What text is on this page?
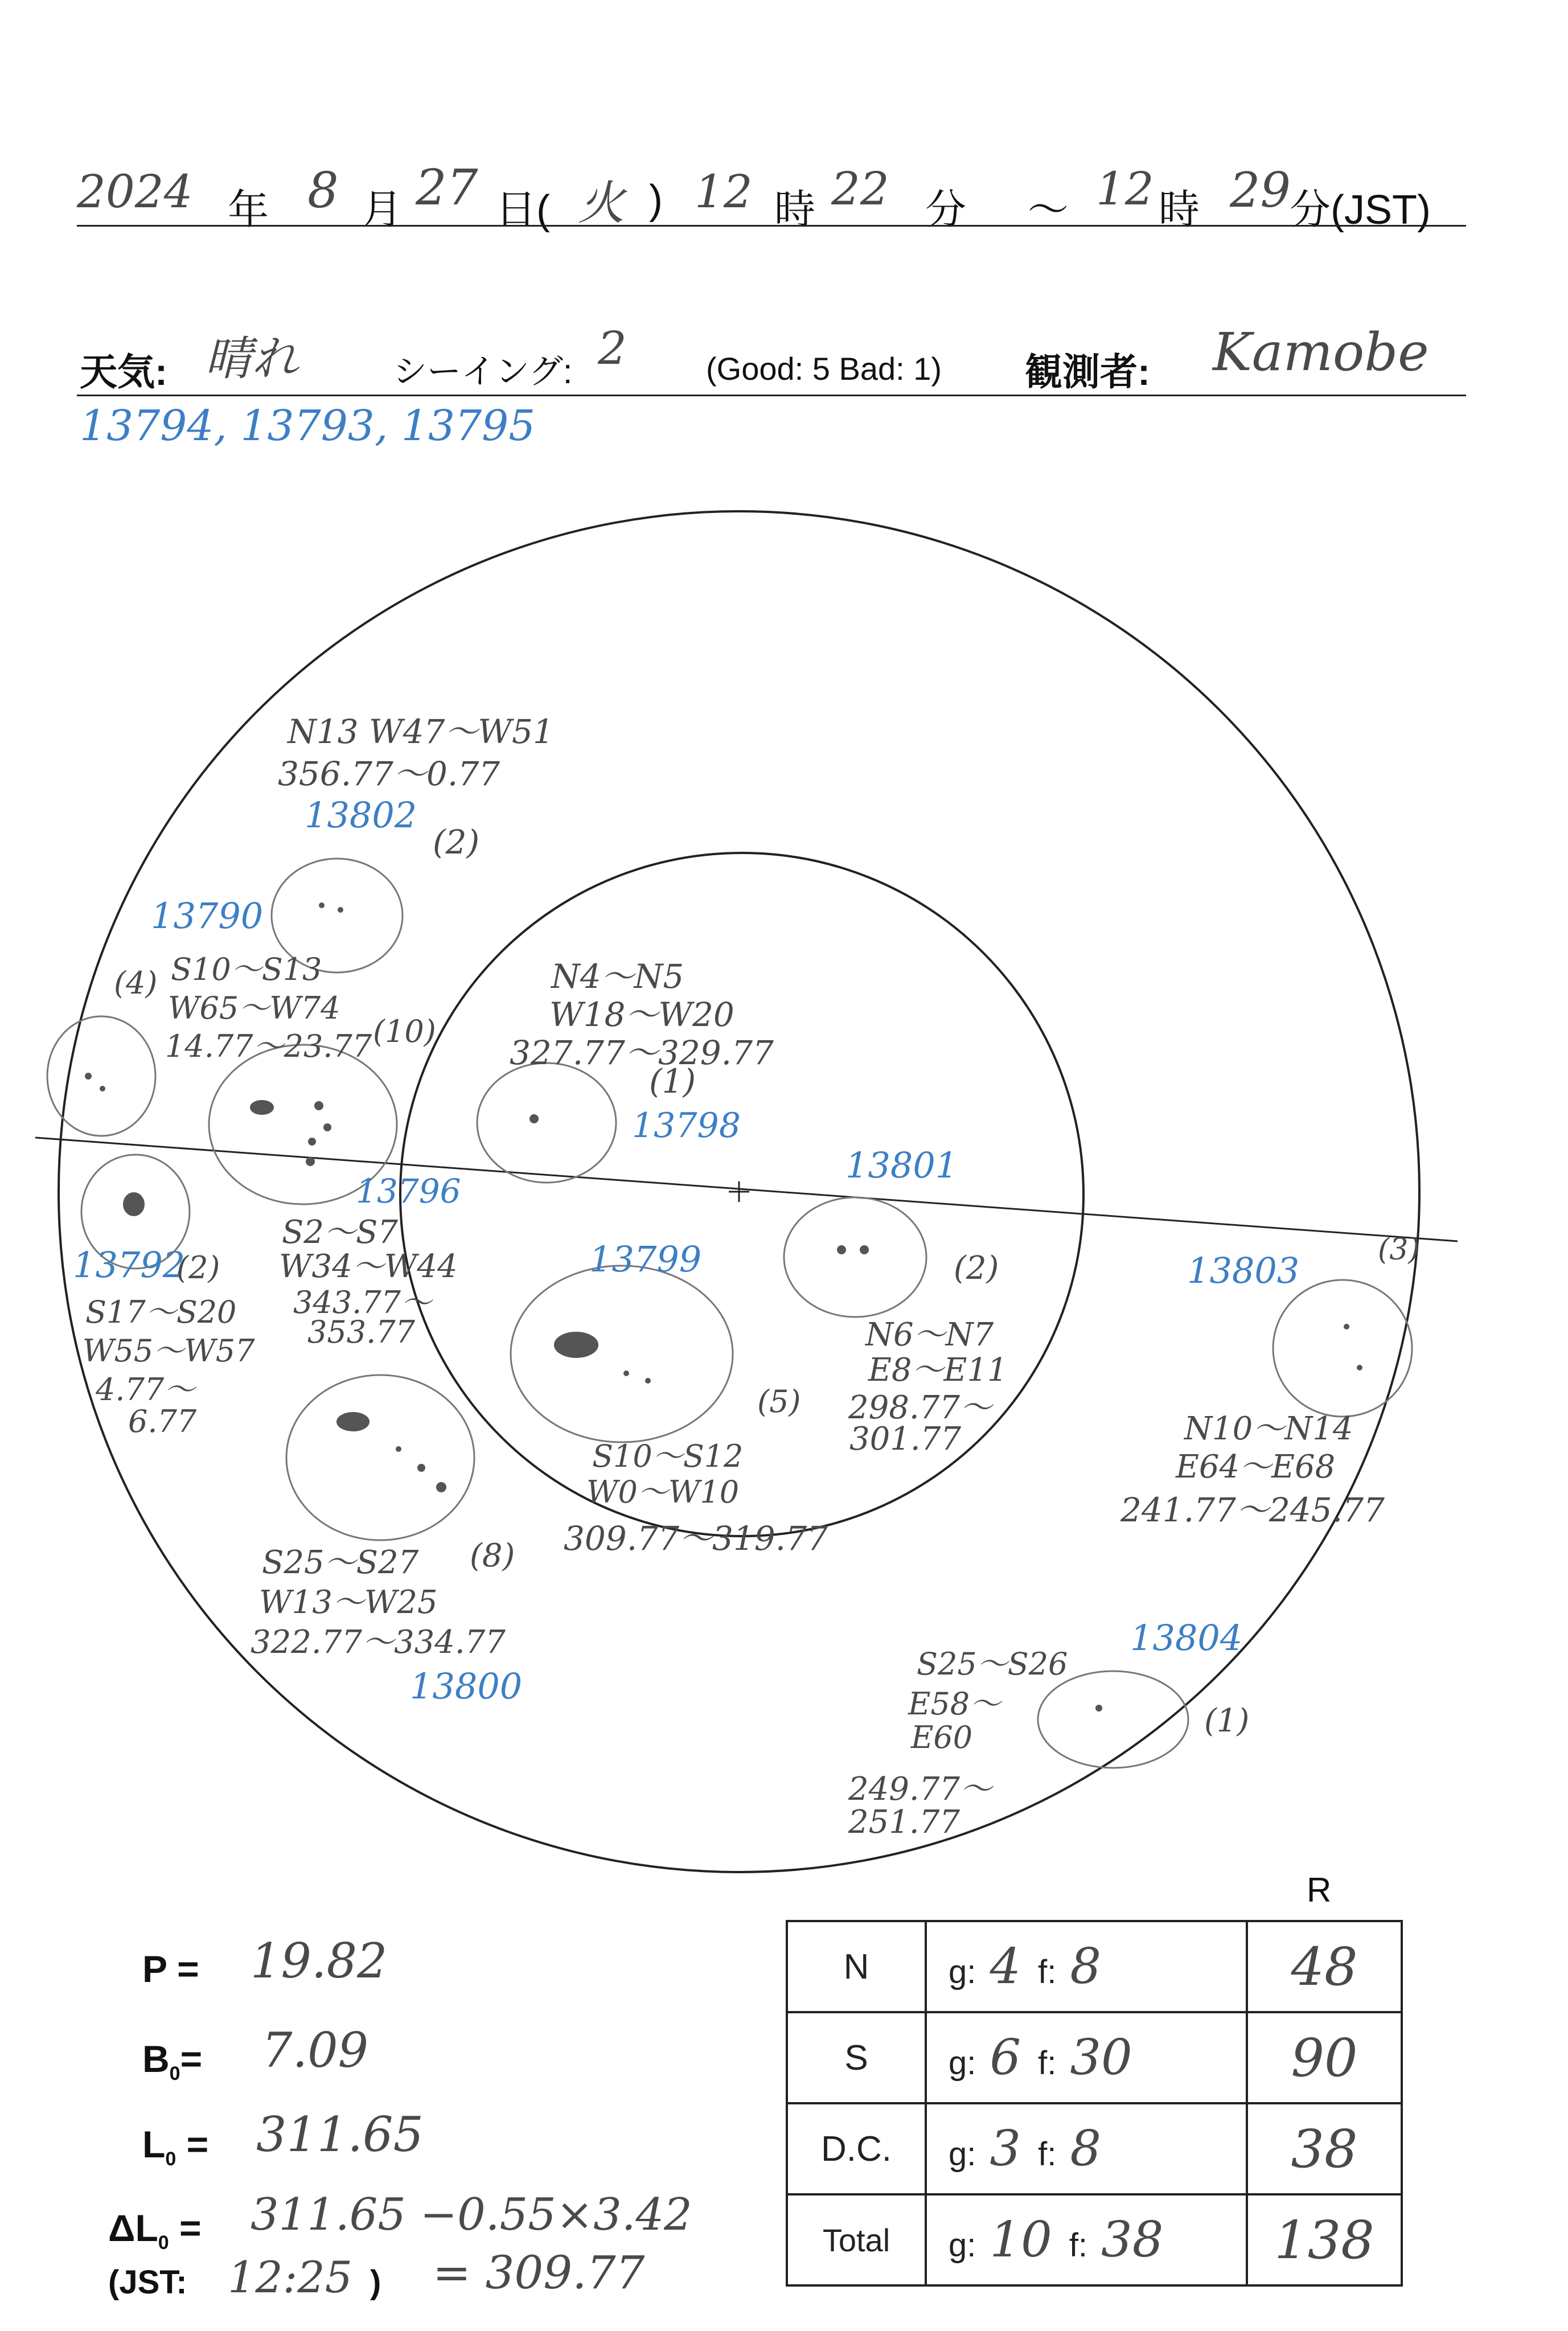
2024 年 8 月 27 日( 火 ) 12 時 22 分 ～ 12 時 29
分(JST)
天気: 晴れ	シーイング: 2 (Good: 5 Bad: 1) 観測者: Kamobe
13794, 13793, 13795
N13 W47～W51
356.77～0.77
13802
(2)
13790
(4) S10～S13
W65～W74
14.77～23.77 (10)
N4～N5
W18～W20
327.77～329.77
(1)
13798
13796
13801
13792
(2)
S2～S7
W34～W44
343.77～
353.77
13799	(2)	13803	(3)
S17～S20
W55～W57
4.77～
6.77
N6～N7
E8～E11
298.77～
301.77
(5)
N10～N14
E64～E68
241.77～245.77
S10～S12
W0～W10
309.77～319.77
S25～S27 (8)
W13～W25
322.77～334.77
13800
S25～S26
13804
E58～
E60	(1)
249.77～
251.77
P = 19.82
$B_0= 7.09$
$L_0 = 311.65$
$\Delta L_0 = 311.65 -0.55\times 3.42$
(JST: 12:25 ) = 309.77
R
N	g: 4 f: 8	48
S	g: 6 f: 30	90
D.C.	g: 3 f: 8	38
Total	g: 10 f: 38	138
